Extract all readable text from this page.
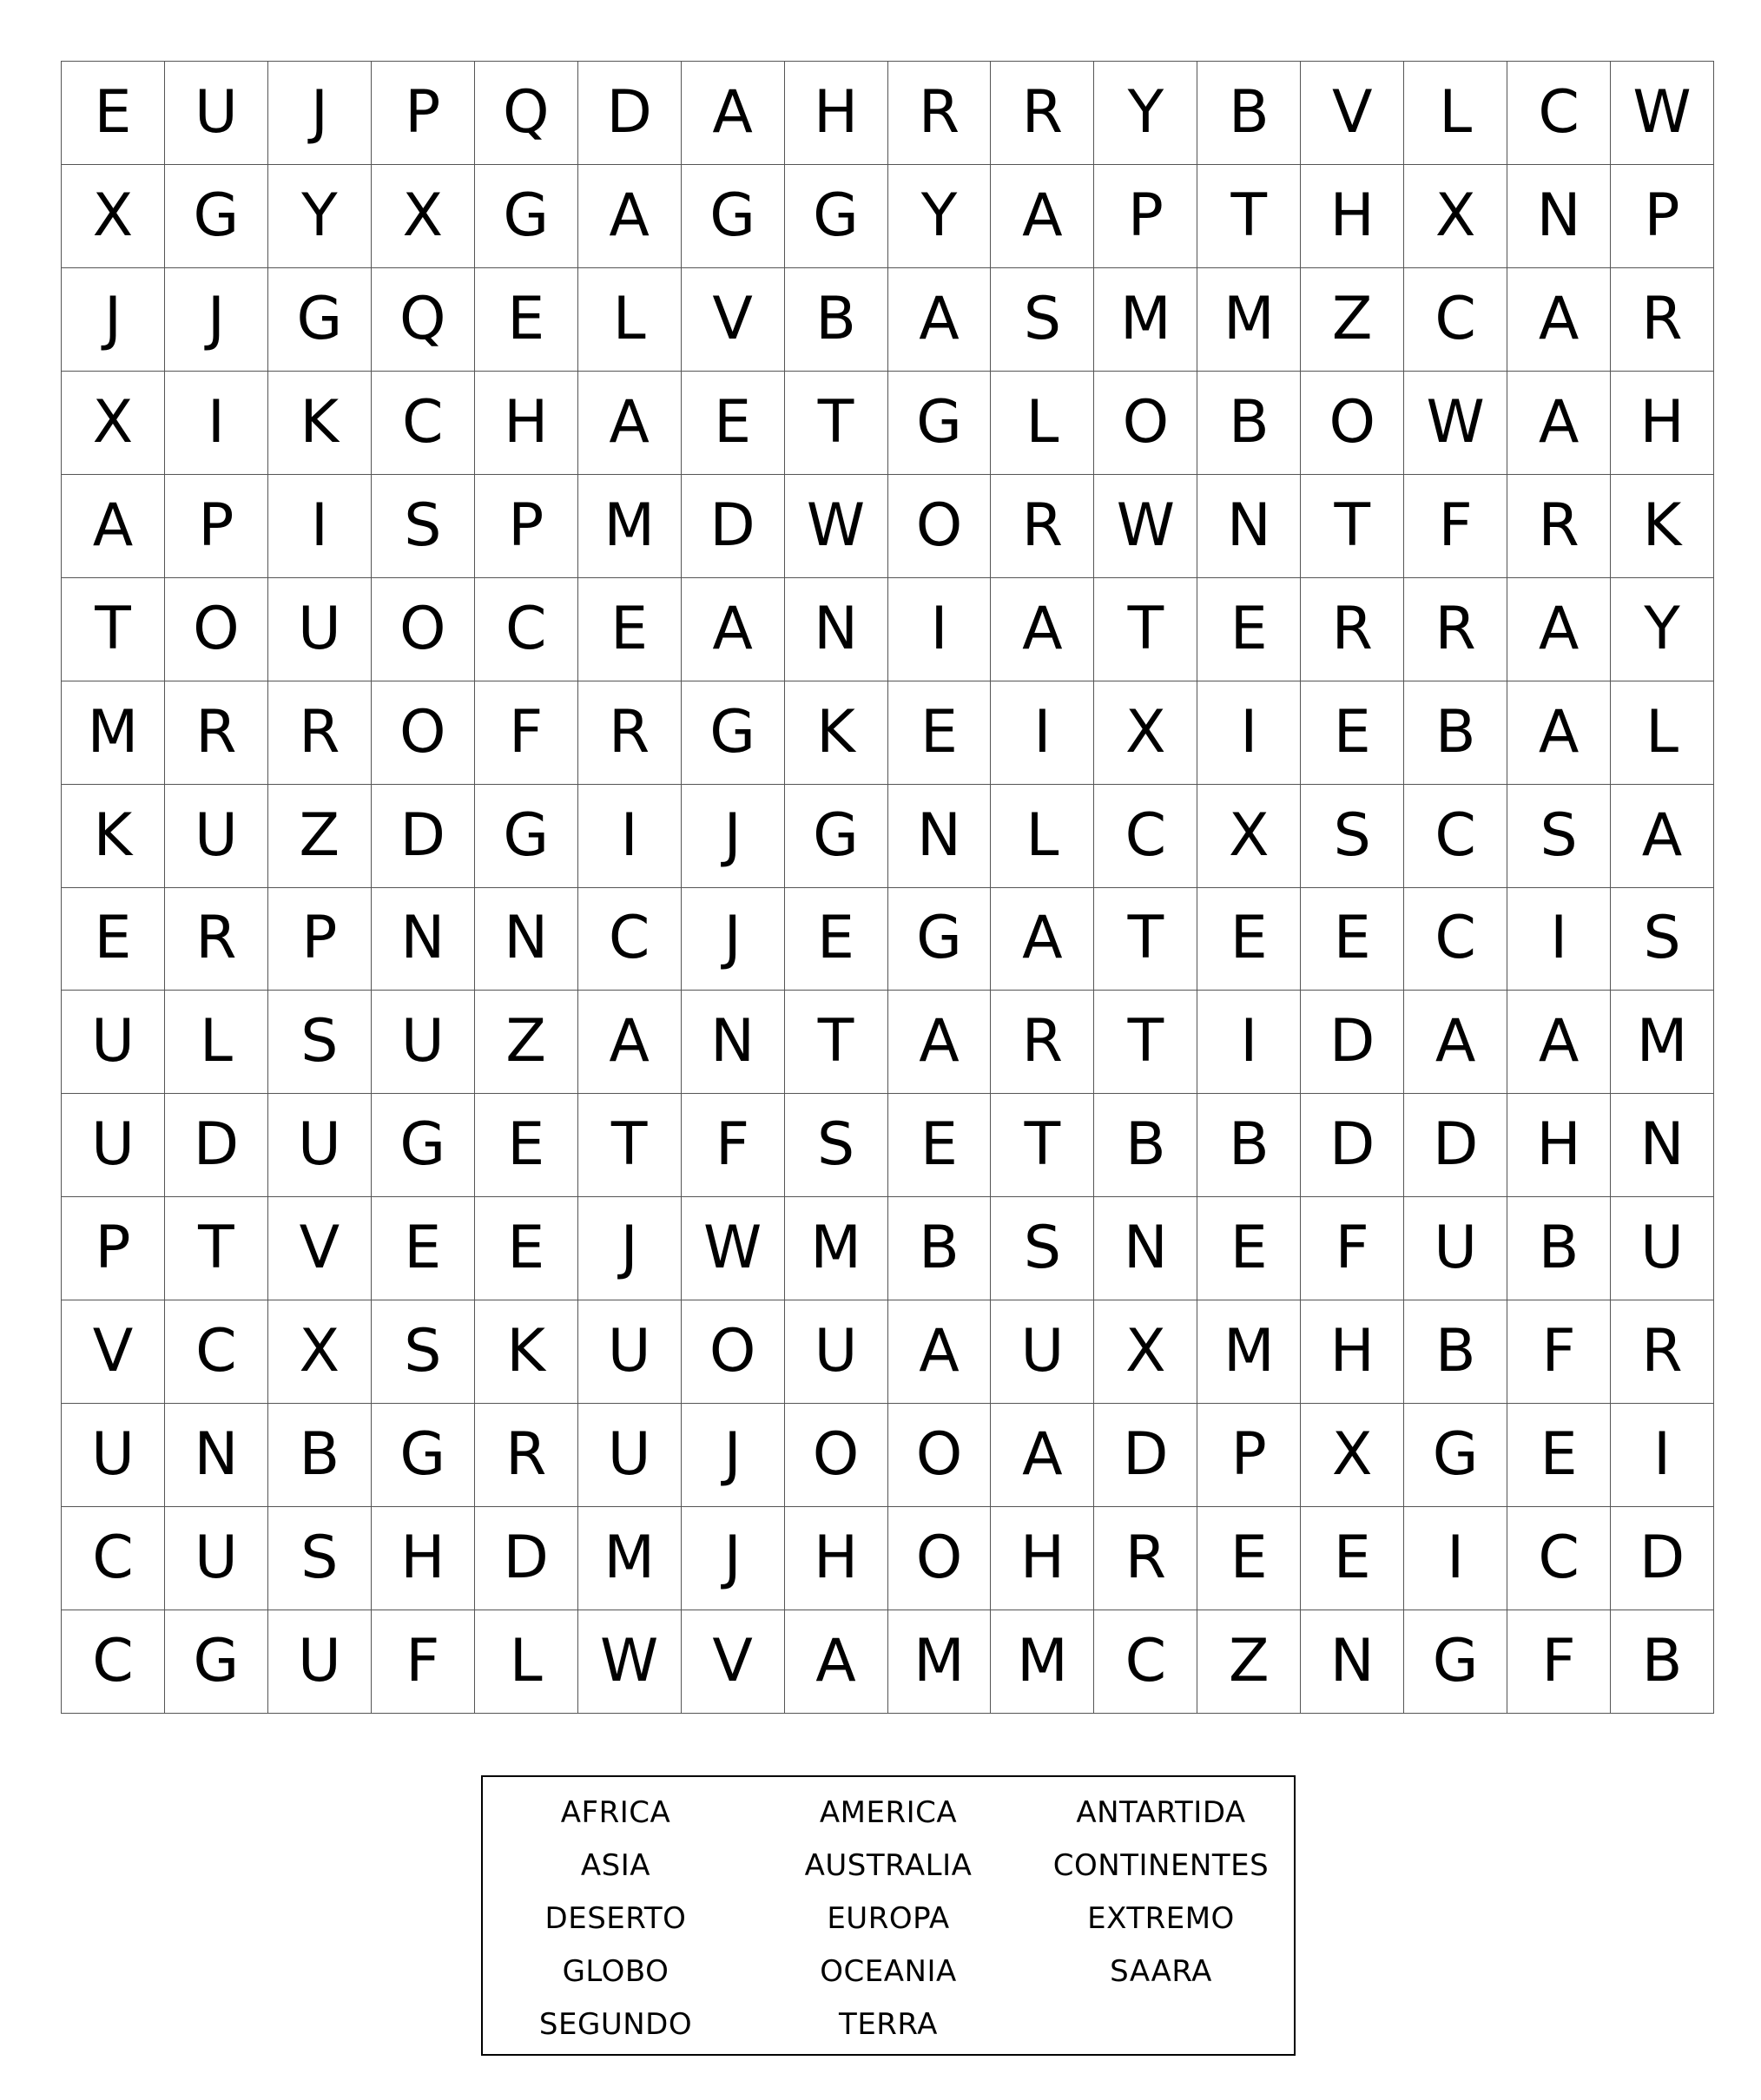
E	U	J	P	Q D	A	H	R	R	Y	B	V	L	C W
X	G	Y	X	G	A	G G	Y	A	P	T	H	X	N	P
J	J	G Q	E	L	V	B	A	S	M M Z	C	A	R
X	I	K	C	H	A	E	T	G	L	O	B	O W A	H
A	P	I	S	P	M D W O	R W N	T	F	R	K
T	O U O	C	E	A	N	I	A	T	E	R	R	A	Y
M R	R	O	F	R	G	K	E	I	X	I	E	B	A	L
K	U	Z	D G	I	J	G N	L	C	X	S	C	S	A
E	R	P	N	N	C	J	E	G	A	T	E	E	C	I	S
U	L	S	U	Z	A	N	T	A	R	T	I	D	A	A M
U D U G	E	T	F	S	E	T	B	B	D D H N
P	T	V	E	E	J	W M B	S	N	E	F	U	B	U
V	C	X	S	K	U O U	A	U	X M H	B	F	R
U	N	B	G	R	U	J	O O	A	D	P	X	G	E	I
C	U	S	H D M	J	H O H	R	E	E	I	C	D
C	G U	F	L W V	A M M C	Z	N G	F	B
AFRICA	AMERICA	ANTARTIDA
ASIA	AUSTRALIA	CONTINENTES
DESERTO	EUROPA	EXTREMO
GLOBO	OCEANIA	SAARA
SEGUNDO	TERRA
